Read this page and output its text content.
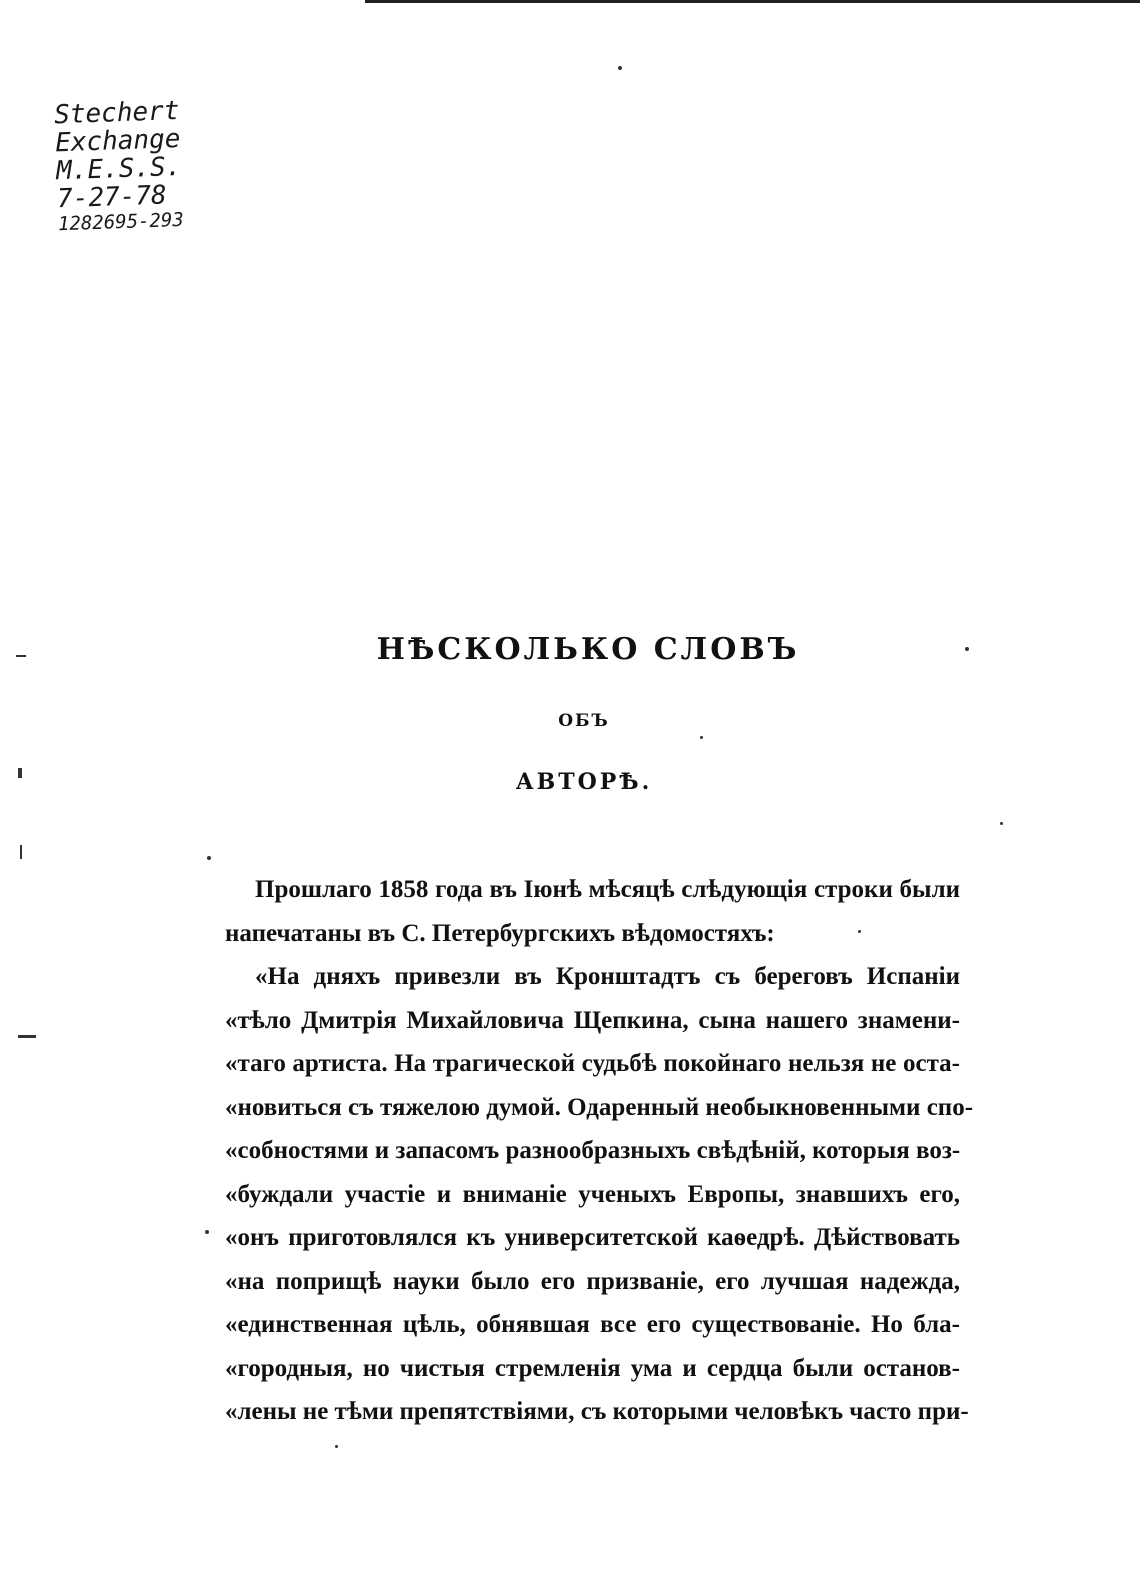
Stechert
Exchange
M.E.S.S.
7-27-78
1282695-293
НѢСКОЛЬКО СЛОВЪ
ОБЪ
АВТОРѢ.
Прошлаго 1858 года въ Іюнѣ мѣсяцѣ слѣдующія строки были
напечатаны въ С. Петербургскихъ вѣдомостяхъ:
«На дняхъ привезли въ Кронштадтъ съ береговъ Испаніи
«тѣло Дмитрія Михайловича Щепкина, сына нашего знамени-
«таго артиста. На трагической судьбѣ покойнаго нельзя не оста-
«новиться съ тяжелою думой. Одаренный необыкновенными спо-
«собностями и запасомъ разнообразныхъ свѣдѣній, которыя воз-
«буждали участіе и вниманіе ученыхъ Европы, знавшихъ его,
«онъ приготовлялся къ университетской каѳедрѣ. Дѣйствовать
«на поприщѣ науки было его призваніе, его лучшая надежда,
«единственная цѣль, обнявшая все его существованіе. Но бла-
«городныя, но чистыя стремленія ума и сердца были останов-
«лены не тѣми препятствіями, съ которыми человѣкъ часто при-
